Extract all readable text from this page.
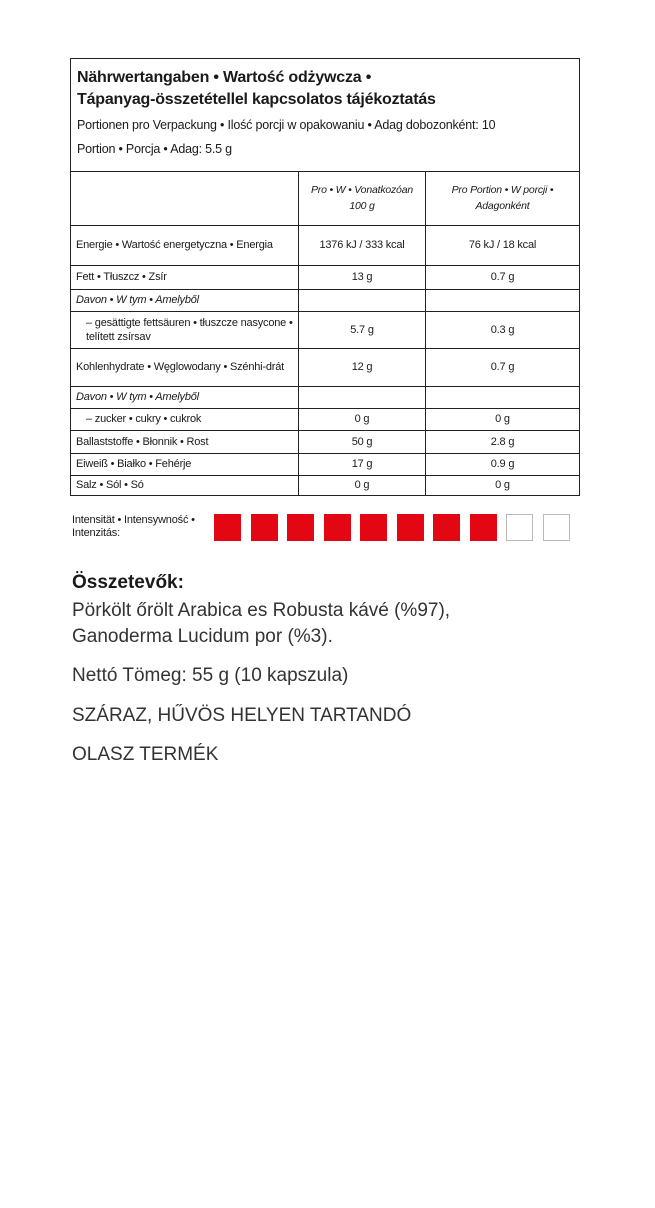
Nährwertangaben • Wartość odżywcza •
Tápanyag-összetétellel kapcsolatos tájékoztatás
Portionen pro Verpackung • Ilość porcji w opakowaniu • Adag dobozonként: 10
Portion • Porcja • Adag: 5.5 g
	Pro • W • Vonatkozóan 100 g	Pro Portion • W porcji • Adagonként
Energie • Wartość energetyczna • Energia	1376 kJ / 333 kcal	76 kJ / 18 kcal
Fett • Tłuszcz • Zsír	13 g	0.7 g
Davon • W tym • Amelyből		
– gesättigte fettsäuren • tłuszcze nasycone • telített zsírsav	5.7 g	0.3 g
Kohlenhydrate • Węglowodany • Szénhi-drát	12 g	0.7 g
Davon • W tym • Amelyből		
– zucker • cukry • cukrok	0 g	0 g
Ballaststoffe • Błonnik • Rost	50 g	2.8 g
Eiweiß • Białko • Fehérje	17 g	0.9 g
Salz • Sól • Só	0 g	0 g
Intensität • Intensywność • Intenzitás:
Összetevők:
Pörkölt őrölt Arabica es Robusta kávé (%97),
Ganoderma Lucidum por (%3).
Nettó Tömeg: 55 g (10 kapszula)
SZÁRAZ, HŰVÖS HELYEN TARTANDÓ
OLASZ TERMÉK
